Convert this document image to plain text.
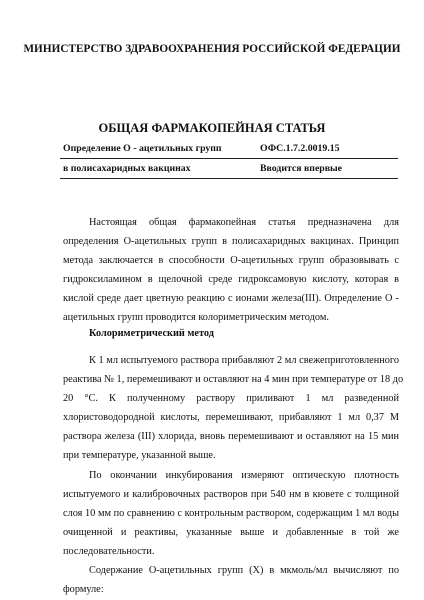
МИНИСТЕРСТВО ЗДРАВООХРАНЕНИЯ РОССИЙСКОЙ ФЕДЕРАЦИИ
ОБЩАЯ ФАРМАКОПЕЙНАЯ СТАТЬЯ
Определение О - ацетильных групп	ОФС.1.7.2.0019.15
в полисахаридных вакцинах	Вводится впервые
Настоящая общая фармакопейная статья предназначена для
определения О-ацетильных групп в полисахаридных вакцинах. Принцип
метода заключается в способности О-ацетильных групп образовывать с
гидроксиламином в щелочной среде гидроксамовую кислоту, которая в
кислой среде дает цветную реакцию с ионами железа(III). Определение О -
ацетильных групп проводится колориметрическим методом.
Колориметрический метод
К 1 мл испытуемого раствора прибавляют 2 мл свежеприготовленного
реактива № 1, перемешивают и оставляют на 4 мин при температуре от 18 до
20 °С. К полученному раствору приливают 1 мл разведенной
хлористоводородной кислоты, перемешивают, прибавляют 1 мл 0,37 М
раствора железа (III) хлорида, вновь перемешивают и оставляют на 15 мин
при температуре, указанной выше.
По окончании инкубирования измеряют оптическую плотность
испытуемого и калибровочных растворов при 540 нм в кювете с толщиной
слоя 10 мм по сравнению с контрольным раствором, содержащим 1 мл воды
очищенной и реактивы, указанные выше и добавленные в той же
последовательности.
Содержание О-ацетильных групп (X) в мкмоль/мл вычисляют по
формуле:
